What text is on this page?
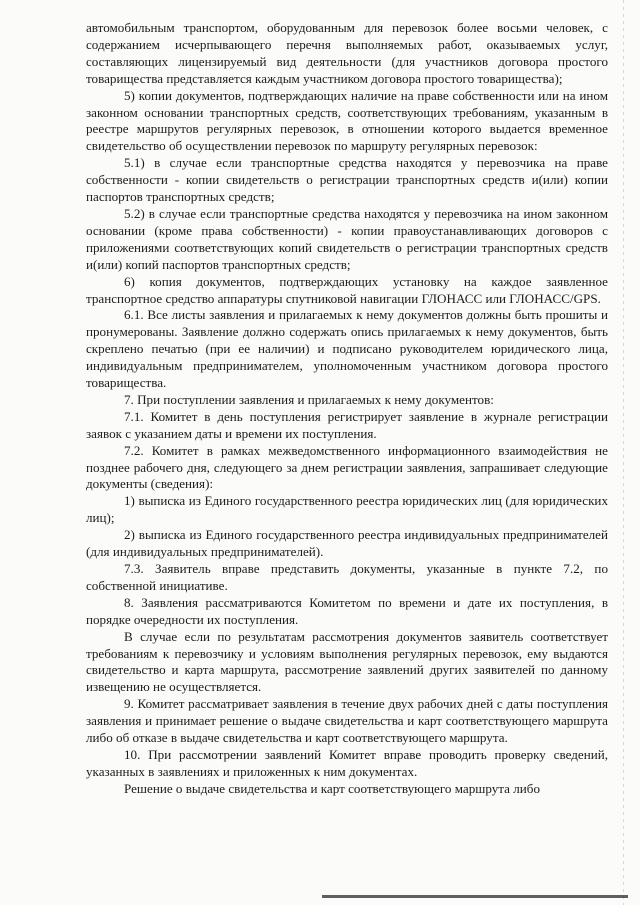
автомобильным транспортом, оборудованным для перевозок более восьми человек, с содержанием исчерпывающего перечня выполняемых работ, оказываемых услуг, составляющих лицензируемый вид деятельности (для участников договора простого товарищества представляется каждым участником договора простого товарищества);

5) копии документов, подтверждающих наличие на праве собственности или на ином законном основании транспортных средств, соответствующих требованиям, указанным в реестре маршрутов регулярных перевозок, в отношении которого выдается временное свидетельство об осуществлении перевозок по маршруту регулярных перевозок:

5.1) в случае если транспортные средства находятся у перевозчика на праве собственности - копии свидетельств о регистрации транспортных средств и(или) копии паспортов транспортных средств;

5.2) в случае если транспортные средства находятся у перевозчика на ином законном основании (кроме права собственности) - копии правоустанавливающих договоров с приложениями соответствующих копий свидетельств о регистрации транспортных средств и(или) копий паспортов транспортных средств;

6) копия документов, подтверждающих установку на каждое заявленное транспортное средство аппаратуры спутниковой навигации ГЛОНАСС или ГЛОНАСС/GPS.

6.1. Все листы заявления и прилагаемых к нему документов должны быть прошиты и пронумерованы. Заявление должно содержать опись прилагаемых к нему документов, быть скреплено печатью (при ее наличии) и подписано руководителем юридического лица, индивидуальным предпринимателем, уполномоченным участником договора простого товарищества.

7. При поступлении заявления и прилагаемых к нему документов:

7.1. Комитет в день поступления регистрирует заявление в журнале регистрации заявок с указанием даты и времени их поступления.

7.2. Комитет в рамках межведомственного информационного взаимодействия не позднее рабочего дня, следующего за днем регистрации заявления, запрашивает следующие документы (сведения):

1) выписка из Единого государственного реестра юридических лиц (для юридических лиц);

2) выписка из Единого государственного реестра индивидуальных предпринимателей (для индивидуальных предпринимателей).

7.3. Заявитель вправе представить документы, указанные в пункте 7.2, по собственной инициативе.

8. Заявления рассматриваются Комитетом по времени и дате их поступления, в порядке очередности их поступления.

В случае если по результатам рассмотрения документов заявитель соответствует требованиям к перевозчику и условиям выполнения регулярных перевозок, ему выдаются свидетельство и карта маршрута, рассмотрение заявлений других заявителей по данному извещению не осуществляется.

9. Комитет рассматривает заявления в течение двух рабочих дней с даты поступления заявления и принимает решение о выдаче свидетельства и карт соответствующего маршрута либо об отказе в выдаче свидетельства и карт соответствующего маршрута.

10. При рассмотрении заявлений Комитет вправе проводить проверку сведений, указанных в заявлениях и приложенных к ним документах.

Решение о выдаче свидетельства и карт соответствующего маршрута либо
